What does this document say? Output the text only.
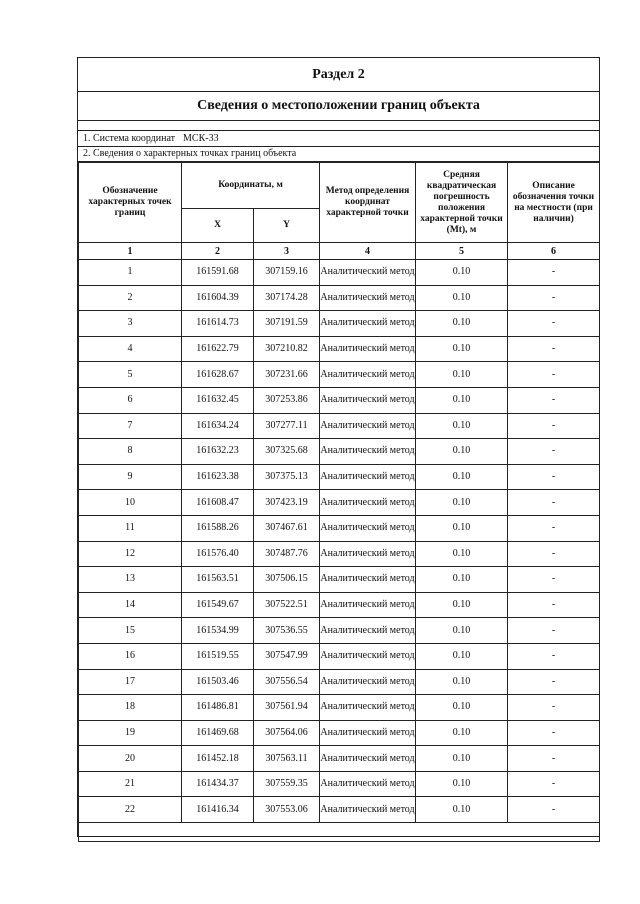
Раздел 2
Сведения о местоположении границ объекта
1. Система координат МСК-33
2. Сведения о характерных точках границ объекта
Обозначение характерных точек границ	Координаты, м		Метод определения координат характерной точки	Средняя квадратическая погрешность положения характерной точки (Mt), м	Описание обозначения точки на местности (при наличии)
	X	Y			
1	2	3	4	5	6
1	161591.68	307159.16	Аналитический метод	0.10	-
2	161604.39	307174.28	Аналитический метод	0.10	-
3	161614.73	307191.59	Аналитический метод	0.10	-
4	161622.79	307210.82	Аналитический метод	0.10	-
5	161628.67	307231.66	Аналитический метод	0.10	-
6	161632.45	307253.86	Аналитический метод	0.10	-
7	161634.24	307277.11	Аналитический метод	0.10	-
8	161632.23	307325.68	Аналитический метод	0.10	-
9	161623.38	307375.13	Аналитический метод	0.10	-
10	161608.47	307423.19	Аналитический метод	0.10	-
11	161588.26	307467.61	Аналитический метод	0.10	-
12	161576.40	307487.76	Аналитический метод	0.10	-
13	161563.51	307506.15	Аналитический метод	0.10	-
14	161549.67	307522.51	Аналитический метод	0.10	-
15	161534.99	307536.55	Аналитический метод	0.10	-
16	161519.55	307547.99	Аналитический метод	0.10	-
17	161503.46	307556.54	Аналитический метод	0.10	-
18	161486.81	307561.94	Аналитический метод	0.10	-
19	161469.68	307564.06	Аналитический метод	0.10	-
20	161452.18	307563.11	Аналитический метод	0.10	-
21	161434.37	307559.35	Аналитический метод	0.10	-
22	161416.34	307553.06	Аналитический метод	0.10	-
